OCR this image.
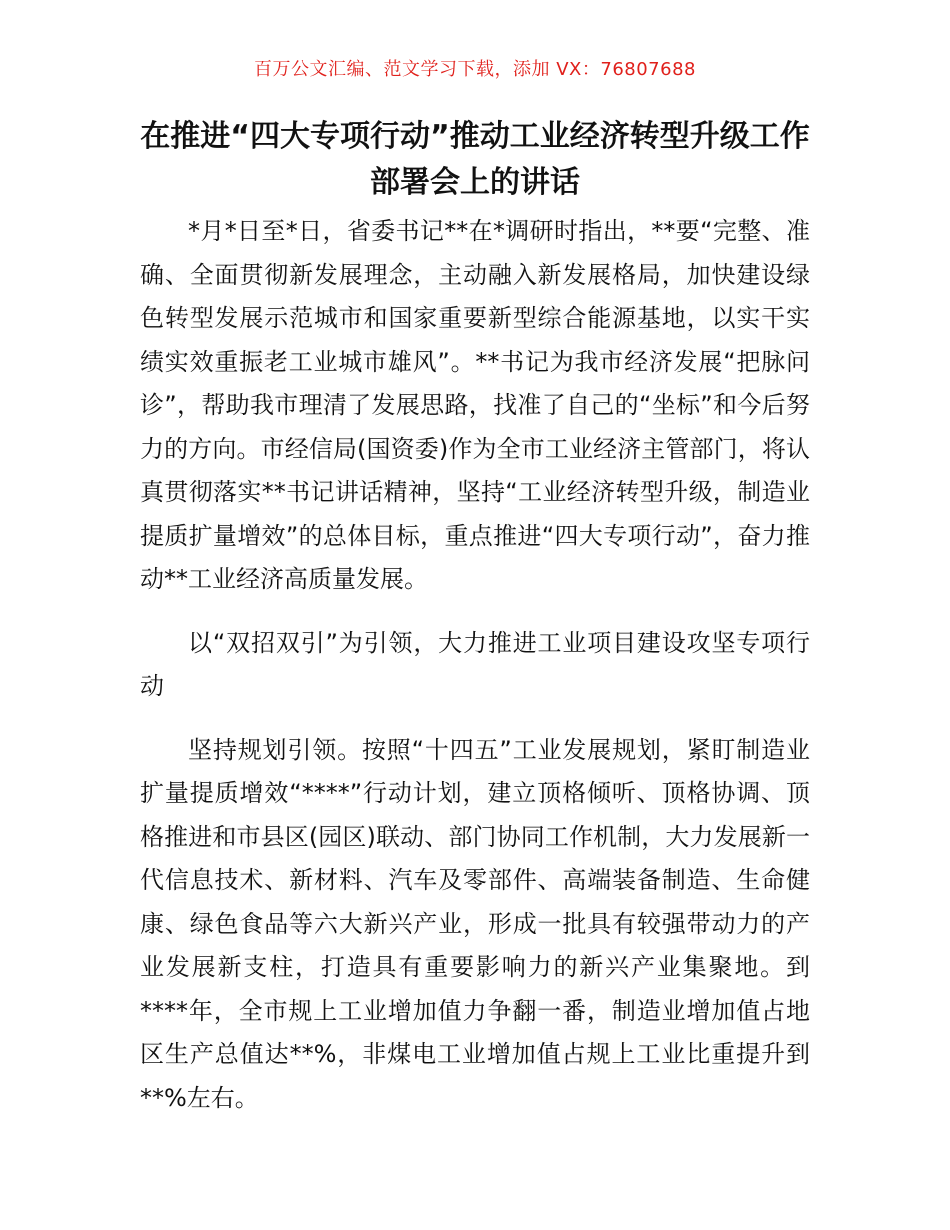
百万公文汇编、范文学习下载，添加 VX：76807688
在推进“四大专项行动”推动工业经济转型升级工作部署会上的讲话

*月*日至*日，省委书记**在*调研时指出，**要“完整、准确、全面贯彻新发展理念，主动融入新发展格局，加快建设绿色转型发展示范城市和国家重要新型综合能源基地，以实干实绩实效重振老工业城市雄风”。**书记为我市经济发展“把脉问诊”，帮助我市理清了发展思路，找准了自己的“坐标”和今后努力的方向。市经信局(国资委)作为全市工业经济主管部门，将认真贯彻落实**书记讲话精神，坚持“工业经济转型升级，制造业提质扩量增效”的总体目标，重点推进“四大专项行动”，奋力推动**工业经济高质量发展。

以“双招双引”为引领，大力推进工业项目建设攻坚专项行动

坚持规划引领。按照“十四五”工业发展规划，紧盯制造业扩量提质增效“****”行动计划，建立顶格倾听、顶格协调、顶格推进和市县区(园区)联动、部门协同工作机制，大力发展新一代信息技术、新材料、汽车及零部件、高端装备制造、生命健康、绿色食品等六大新兴产业，形成一批具有较强带动力的产业发展新支柱，打造具有重要影响力的新兴产业集聚地。到****年，全市规上工业增加值力争翻一番，制造业增加值占地区生产总值达**%，非煤电工业增加值占规上工业比重提升到**%左右。
